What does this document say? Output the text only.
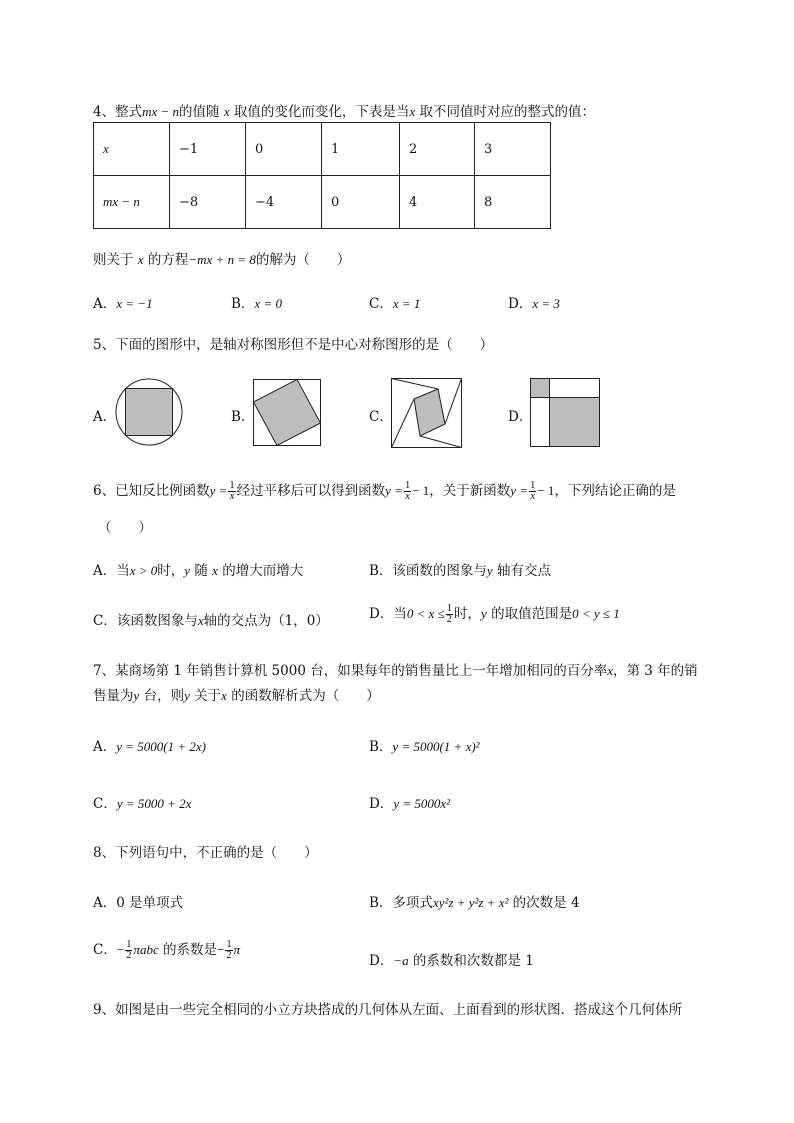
4、整式mx − n的值随 x 取值的变化而变化，下表是当x 取不同值时对应的整式的值：
x	−1	0	1	2	3
mx − n	−8	−4	0	4	8
则关于 x 的方程−mx + n = 8的解为（　　）
A．x = −1	B．x = 0	C．x = 1	D．x = 3
5、下面的图形中，是轴对称图形但不是中心对称图形的是（　　）
A．	B．	C．	D．
6、已知反比例函数$y = \frac{1}{x}$ 经过平移后可以得到函数$y = \frac{1}{x} - 1$，关于新函数$y = \frac{1}{x} - 1$，下列结论正确的是
（　　）
A．当x > 0时，y 随 x 的增大而增大	B．该函数的图象与y 轴有交点
C．该函数图象与x轴的交点为（1，0）	D．当$0 < x \le \frac{1}{2}$ 时，y 的取值范围是0 < y ≤ 1
7、某商场第 1 年销售计算机 5000 台，如果每年的销售量比上一年增加相同的百分率x，第 3 年的销
售量为y 台，则y 关于x 的函数解析式为（　　）
A．y = 5000(1 + 2x)	B．y = 5000(1 + x)²
C．y = 5000 + 2x	D．y = 5000x²
8、下列语句中，不正确的是（　　）
A．0 是单项式	B．多项式xy²z + y²z + x² 的次数是 4
C．− $\frac{1}{2}$ πabc 的系数是− $\frac{1}{2}$ π
D．−a 的系数和次数都是 1
9、如图是由一些完全相同的小立方块搭成的几何体从左面、上面看到的形状图．搭成这个几何体所
